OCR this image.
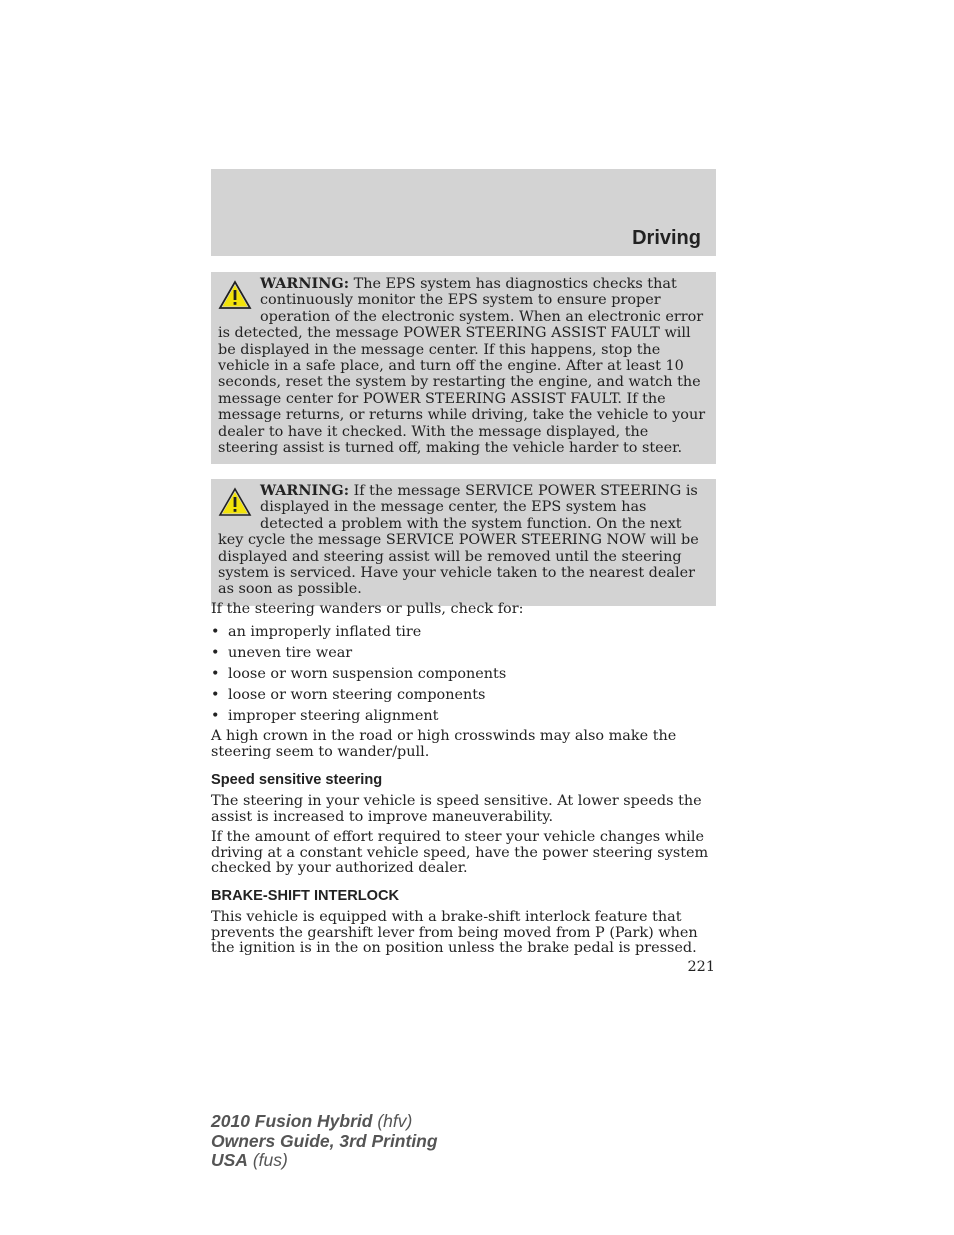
Driving
WARNING: The EPS system has diagnostics checks that continuously monitor the EPS system to ensure proper operation of the electronic system. When an electronic error is detected, the message POWER STEERING ASSIST FAULT will be displayed in the message center. If this happens, stop the vehicle in a safe place, and turn off the engine. After at least 10 seconds, reset the system by restarting the engine, and watch the message center for POWER STEERING ASSIST FAULT. If the message returns, or returns while driving, take the vehicle to your dealer to have it checked. With the message displayed, the steering assist is turned off, making the vehicle harder to steer.
WARNING: If the message SERVICE POWER STEERING is displayed in the message center, the EPS system has detected a problem with the system function. On the next key cycle the message SERVICE POWER STEERING NOW will be displayed and steering assist will be removed until the steering system is serviced. Have your vehicle taken to the nearest dealer as soon as possible.
If the steering wanders or pulls, check for:
• an improperly inflated tire
• uneven tire wear
• loose or worn suspension components
• loose or worn steering components
• improper steering alignment
A high crown in the road or high crosswinds may also make the steering seem to wander/pull.
Speed sensitive steering
The steering in your vehicle is speed sensitive. At lower speeds the assist is increased to improve maneuverability.
If the amount of effort required to steer your vehicle changes while driving at a constant vehicle speed, have the power steering system checked by your authorized dealer.
BRAKE-SHIFT INTERLOCK
This vehicle is equipped with a brake-shift interlock feature that prevents the gearshift lever from being moved from P (Park) when the ignition is in the on position unless the brake pedal is pressed.
221
2010 Fusion Hybrid (hfv)
Owners Guide, 3rd Printing
USA (fus)
